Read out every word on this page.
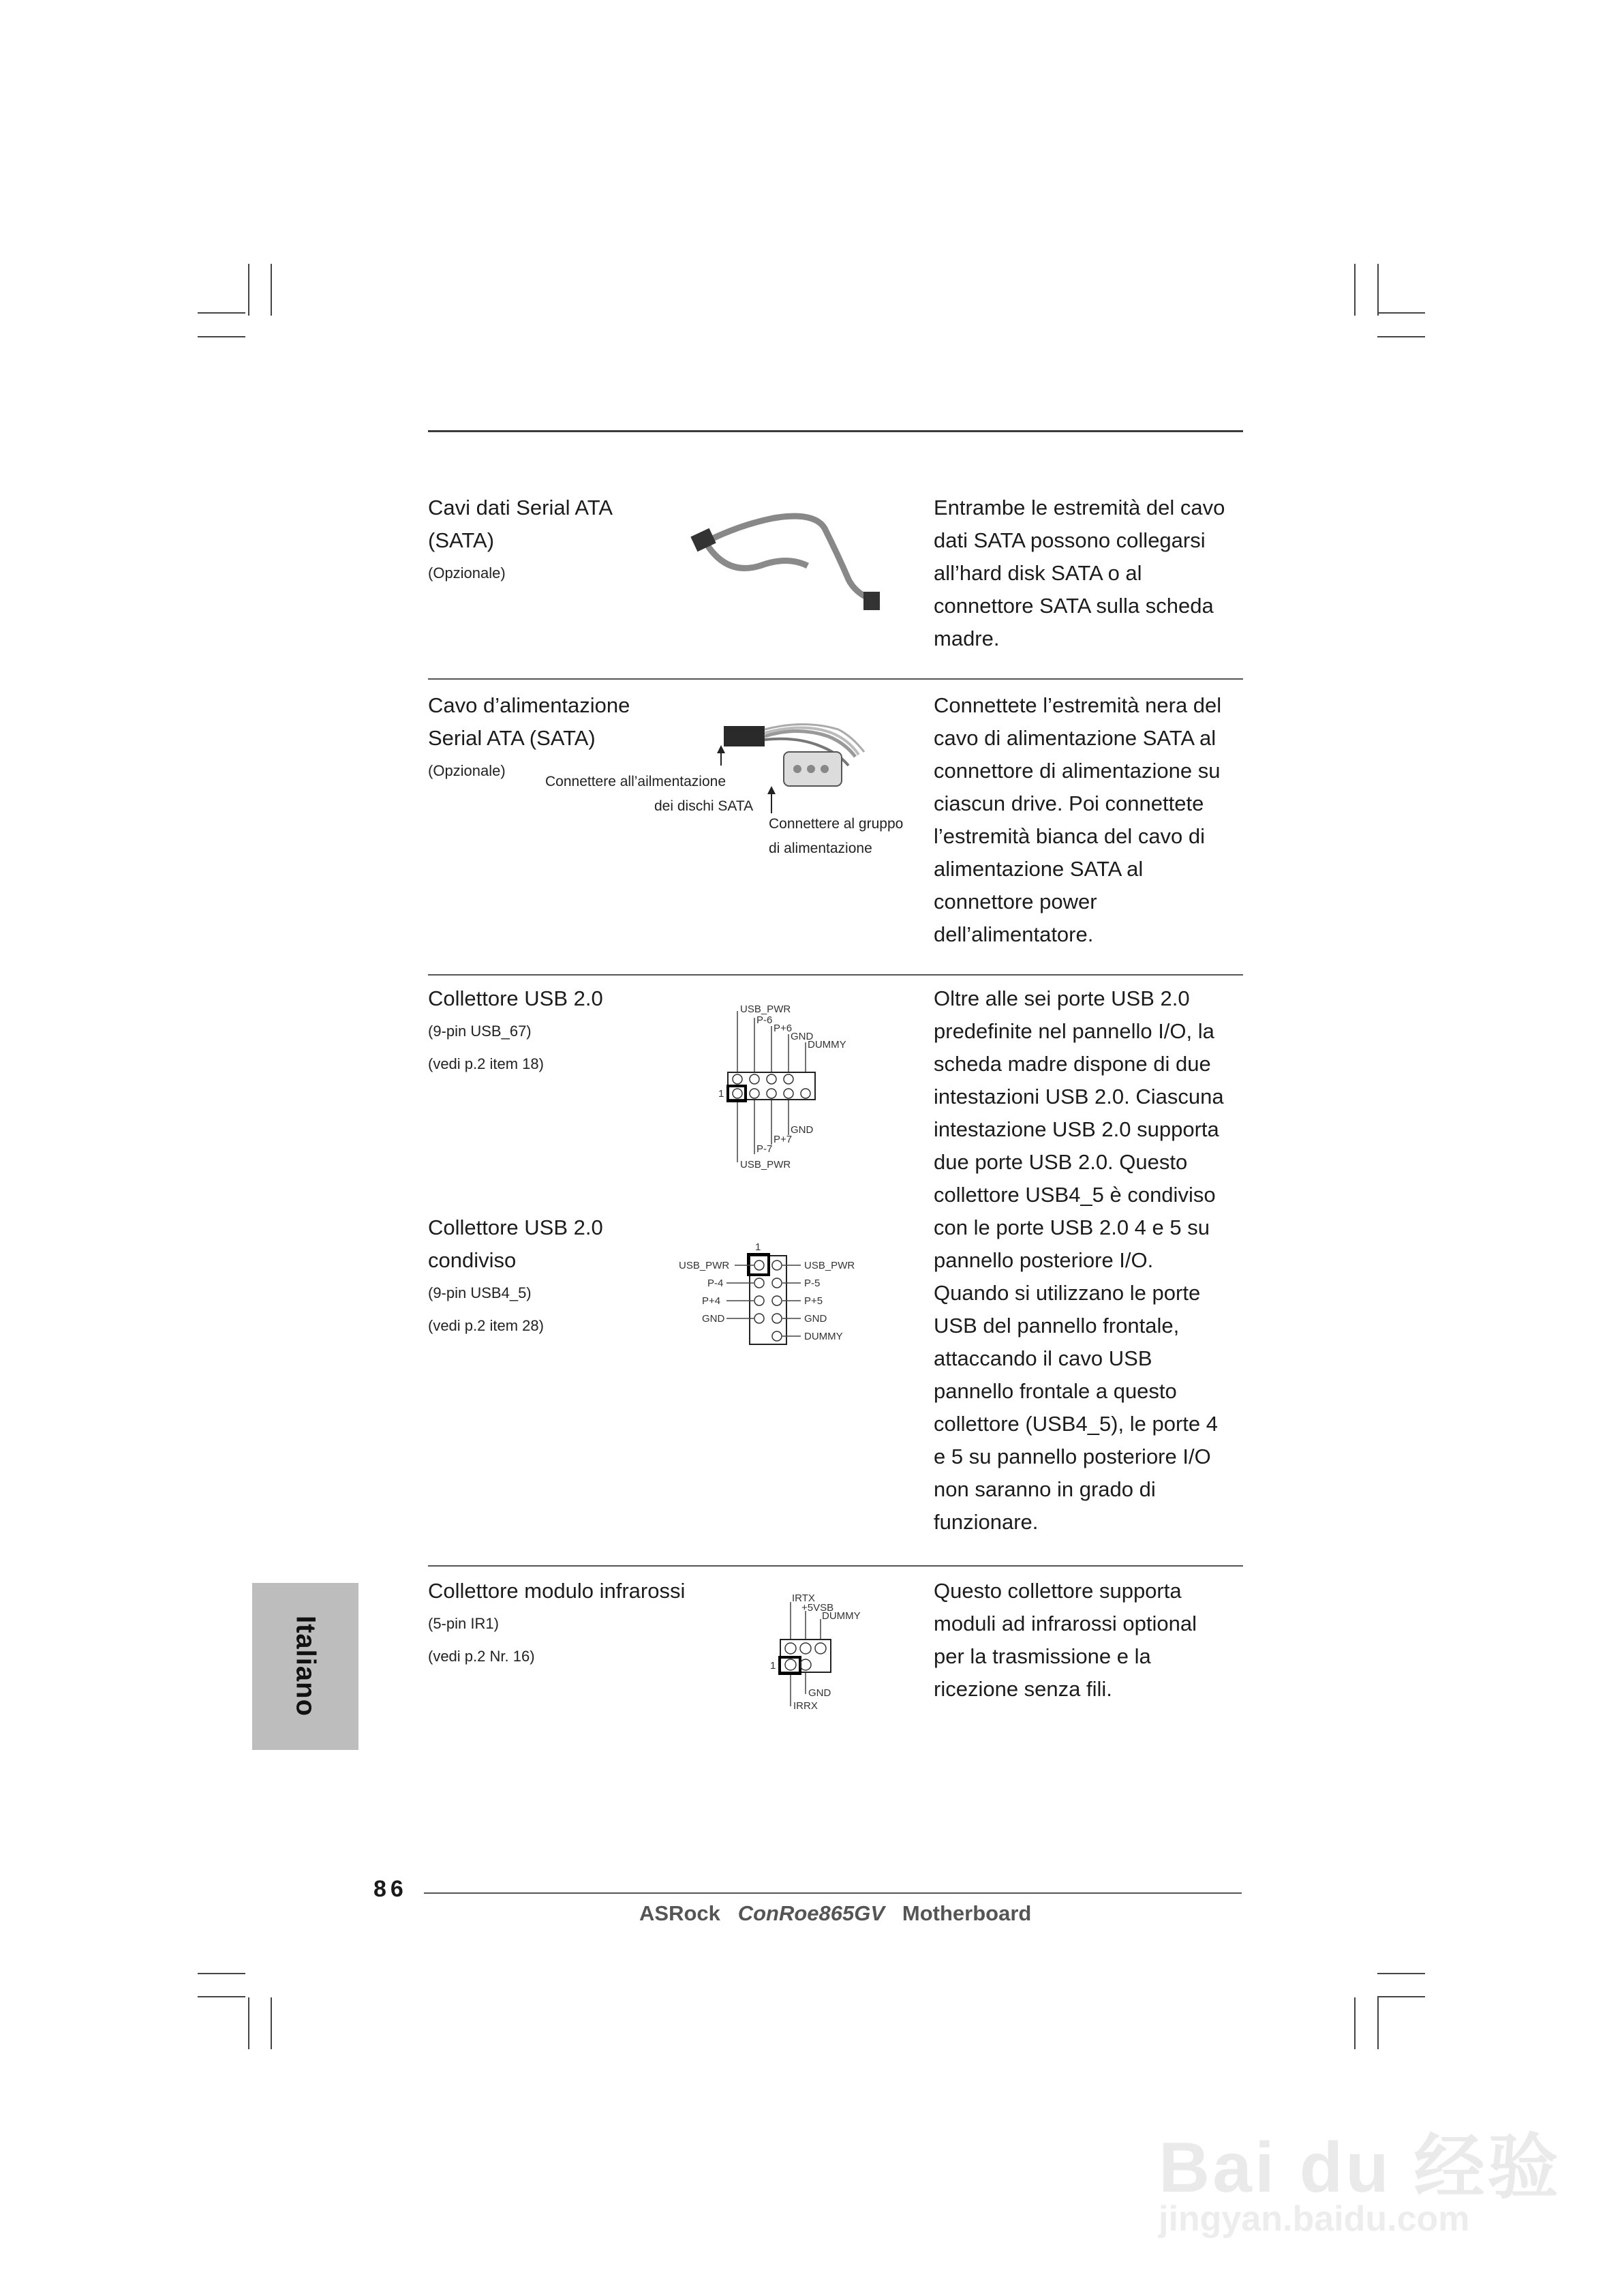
Cavi dati Serial ATA
(SATA)
(Opzionale)
Entrambe le estremità del cavo
dati SATA possono collegarsi
all’hard disk SATA o al
connettore SATA sulla scheda
madre.
Cavo d’alimentazione
Serial ATA (SATA)
(Opzionale)
Connettere all’ailmentazione
dei dischi SATA
Connettere al gruppo
di alimentazione
Connettete l’estremità nera del
cavo di alimentazione SATA al
connettore di alimentazione su
ciascun drive. Poi connettete
l’estremità bianca del cavo di
alimentazione SATA al
connettore power
dell’alimentatore.
Collettore USB 2.0
(9-pin USB_67)
(vedi p.2 item 18)
USB_PWR
P-6
P+6
GND
DUMMY
1
GND
P+7
P-7
USB_PWR
Collettore USB 2.0
condiviso
(9-pin USB4_5)
(vedi p.2 item 28)
1
USB_PWR
P-4
P+4
GND
USB_PWR
P-5
P+5
GND
DUMMY
Oltre alle sei porte USB 2.0
predefinite nel pannello I/O, la
scheda madre dispone di due
intestazioni USB 2.0. Ciascuna
intestazione USB 2.0 supporta
due porte USB 2.0. Questo
collettore USB4_5 è condiviso
con le porte USB 2.0 4 e 5 su
pannello posteriore I/O.
Quando si utilizzano le porte
USB del pannello frontale,
attaccando il cavo USB
pannello frontale a questo
collettore (USB4_5), le porte 4
e 5 su pannello posteriore I/O
non saranno in grado di
funzionare.
Collettore modulo infrarossi
(5-pin IR1)
(vedi p.2 Nr. 16)
IRTX
+5VSB
DUMMY
1
GND
IRRX
Questo collettore supporta
moduli ad infrarossi optional
per la trasmissione e la
ricezione senza fili.
Italiano
86
ASRock ConRoe865GV Motherboard
Bai du 经验
jingyan.baidu.com
